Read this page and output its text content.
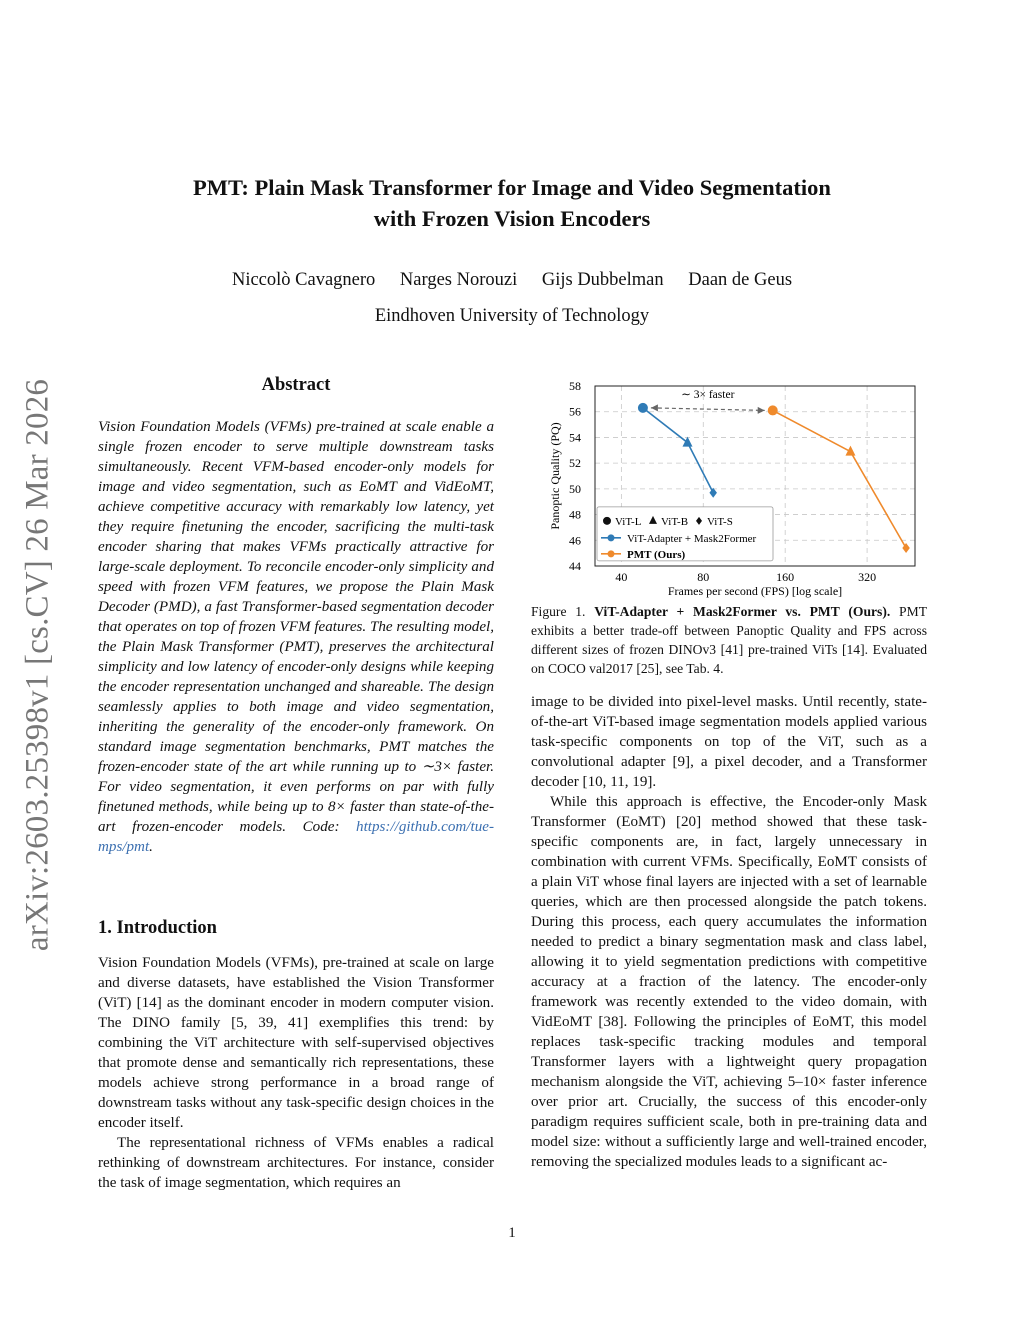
arXiv:2603.25398v1 [cs.CV] 26 Mar 2026
PMT: Plain Mask Transformer for Image and Video Segmentation
with Frozen Vision Encoders
Niccolò Cavagnero Narges Norouzi Gijs Dubbelman Daan de Geus
Eindhoven University of Technology
Abstract

Vision Foundation Models (VFMs) pre-trained at scale enable a single frozen encoder to serve multiple downstream tasks simultaneously. Recent VFM-based encoder-only models for image and video segmentation, such as EoMT and VidEoMT, achieve competitive accuracy with remarkably low latency, yet they require finetuning the encoder, sacrificing the multi-task encoder sharing that makes VFMs practically attractive for large-scale deployment. To reconcile encoder-only simplicity and speed with frozen VFM features, we propose the Plain Mask Decoder (PMD), a fast Transformer-based segmentation decoder that operates on top of frozen VFM features. The resulting model, the Plain Mask Transformer (PMT), preserves the architectural simplicity and low latency of encoder-only designs while keeping the encoder representation unchanged and shareable. The design seamlessly applies to both image and video segmentation, inheriting the generality of the encoder-only framework. On standard image segmentation benchmarks, PMT matches the frozen-encoder state of the art while running up to ∼3× faster. For video segmentation, it even performs on par with fully finetuned methods, while being up to 8× faster than state-of-the-art frozen-encoder models. Code: https://github.com/tue-mps/pmt.

1. Introduction

Vision Foundation Models (VFMs), pre-trained at scale on large and diverse datasets, have established the Vision Transformer (ViT) [14] as the dominant encoder in modern computer vision. The DINO family [5, 39, 41] exemplifies this trend: by combining the ViT architecture with self-supervised objectives that promote dense and semantically rich representations, these models achieve strong performance in a broad range of downstream tasks without any task-specific design choices in the encoder itself.

The representational richness of VFMs enables a radical rethinking of downstream architectures. For instance, consider the task of image segmentation, which requires an

44
46
48
50
52
54
56
58
40	80	160	320
∼ 3× faster
ViT-L ViT-B ViT-S
ViT-Adapter + Mask2Former
PMT (Ours)
Frames per second (FPS) [log scale]
Panoptic Quality (PQ)
Figure 1. ViT-Adapter + Mask2Former vs. PMT (Ours). PMT exhibits a better trade-off between Panoptic Quality and FPS across different sizes of frozen DINOv3 [41] pre-trained ViTs [14]. Evaluated on COCO val2017 [25], see Tab. 4.

image to be divided into pixel-level masks. Until recently, state-of-the-art ViT-based image segmentation models applied various task-specific components on top of the ViT, such as a convolutional adapter [9], a pixel decoder, and a Transformer decoder [10, 11, 19].

While this approach is effective, the Encoder-only Mask Transformer (EoMT) [20] method showed that these task-specific components are, in fact, largely unnecessary in combination with current VFMs. Specifically, EoMT consists of a plain ViT whose final layers are injected with a set of learnable queries, which are then processed alongside the patch tokens. During this process, each query accumulates the information needed to predict a binary segmentation mask and class label, allowing it to yield segmentation predictions with competitive accuracy at a fraction of the latency. The encoder-only framework was recently extended to the video domain, with VidEoMT [38]. Following the principles of EoMT, this model replaces task-specific tracking modules and temporal Transformer layers with a lightweight query propagation mechanism alongside the ViT, achieving 5–10× faster inference over prior art. Crucially, the success of this encoder-only paradigm requires sufficient scale, both in pre-training data and model size: without a sufficiently large and well-trained encoder, removing the specialized modules leads to a significant ac-

1
